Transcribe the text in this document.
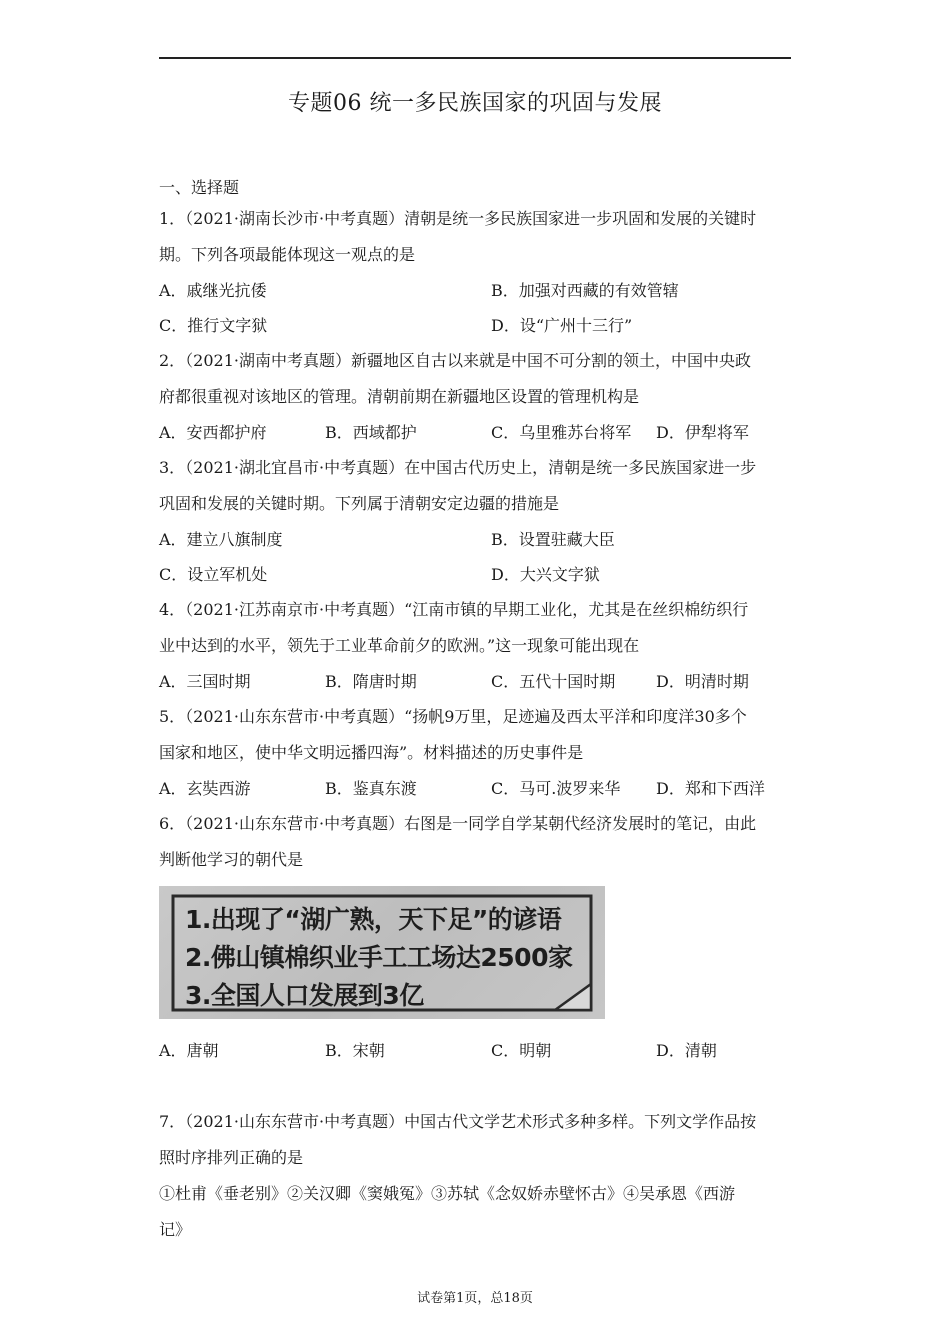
专题06 统一多民族国家的巩固与发展
一、选择题
1．（2021·湖南长沙市·中考真题）清朝是统一多民族国家进一步巩固和发展的关键时
期。下列各项最能体现这一观点的是
A．戚继光抗倭	B．加强对西藏的有效管辖
C．推行文字狱	D．设“广州十三行”
2．（2021·湖南中考真题）新疆地区自古以来就是中国不可分割的领土，中国中央政
府都很重视对该地区的管理。清朝前期在新疆地区设置的管理机构是
A．安西都护府	B．西域都护	C．乌里雅苏台将军 D．伊犁将军
3．（2021·湖北宜昌市·中考真题）在中国古代历史上，清朝是统一多民族国家进一步
巩固和发展的关键时期。下列属于清朝安定边疆的措施是
A．建立八旗制度	B．设置驻藏大臣
C．设立军机处	D．大兴文字狱
4．（2021·江苏南京市·中考真题）“江南市镇的早期工业化，尤其是在丝织棉纺织行
业中达到的水平，领先于工业革命前夕的欧洲。”这一现象可能出现在
A．三国时期	B．隋唐时期	C．五代十国时期	D．明清时期
5．（2021·山东东营市·中考真题）“扬帆9万里，足迹遍及西太平洋和印度洋30多个
国家和地区，使中华文明远播四海”。材料描述的历史事件是
A．玄奘西游	B．鉴真东渡	C．马可.波罗来华 D．郑和下西洋
6．（2021·山东东营市·中考真题）右图是一同学自学某朝代经济发展时的笔记，由此
判断他学习的朝代是
1.出现了“湖广熟，天下足”的谚语
2.佛山镇棉织业手工工场达2500家
3.全国人口发展到3亿
A．唐朝	B．宋朝	C．明朝	D．清朝
7．（2021·山东东营市·中考真题）中国古代文学艺术形式多种多样。下列文学作品按
照时序排列正确的是
①杜甫《垂老别》②关汉卿《窦娥冤》③苏轼《念奴娇赤壁怀古》④吴承恩《西游
记》
试卷第1页，总18页
